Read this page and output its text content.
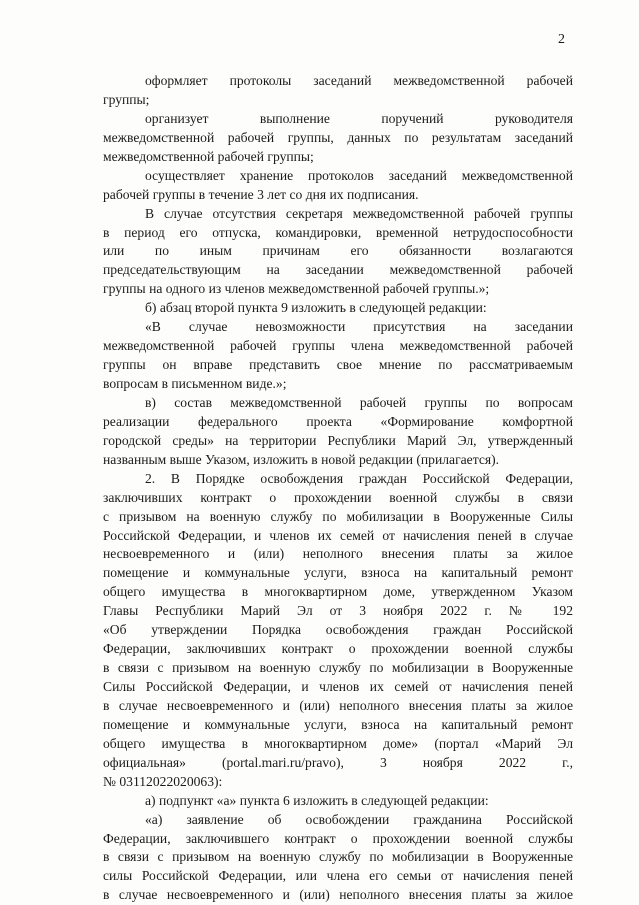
2
оформляет протоколы заседаний межведомственной рабочей
группы;
организует выполнение поручений руководителя
межведомственной рабочей группы, данных по результатам заседаний
межведомственной рабочей группы;
осуществляет хранение протоколов заседаний межведомственной
рабочей группы в течение 3 лет со дня их подписания.
В случае отсутствия секретаря межведомственной рабочей группы
в период его отпуска, командировки, временной нетрудоспособности
или по иным причинам его обязанности возлагаются
председательствующим на заседании межведомственной рабочей
группы на одного из членов межведомственной рабочей группы.»;
б) абзац второй пункта 9 изложить в следующей редакции:
«В случае невозможности присутствия на заседании
межведомственной рабочей группы члена межведомственной рабочей
группы он вправе представить свое мнение по рассматриваемым
вопросам в письменном виде.»;
в) состав межведомственной рабочей группы по вопросам
реализации федерального проекта «Формирование комфортной
городской среды» на территории Республики Марий Эл, утвержденный
названным выше Указом, изложить в новой редакции (прилагается).
2. В Порядке освобождения граждан Российской Федерации,
заключивших контракт о прохождении военной службы в связи
с призывом на военную службу по мобилизации в Вооруженные Силы
Российской Федерации, и членов их семей от начисления пеней в случае
несвоевременного и (или) неполного внесения платы за жилое
помещение и коммунальные услуги, взноса на капитальный ремонт
общего имущества в многоквартирном доме, утвержденном Указом
Главы Республики Марий Эл от 3 ноября 2022 г. № 192
«Об утверждении Порядка освобождения граждан Российской
Федерации, заключивших контракт о прохождении военной службы
в связи с призывом на военную службу по мобилизации в Вооруженные
Силы Российской Федерации, и членов их семей от начисления пеней
в случае несвоевременного и (или) неполного внесения платы за жилое
помещение и коммунальные услуги, взноса на капитальный ремонт
общего имущества в многоквартирном доме» (портал «Марий Эл
официальная» (portal.mari.ru/pravo), 3 ноября 2022 г.,
№ 03112022020063):
а) подпункт «а» пункта 6 изложить в следующей редакции:
«а) заявление об освобождении гражданина Российской
Федерации, заключившего контракт о прохождении военной службы
в связи с призывом на военную службу по мобилизации в Вооруженные
силы Российской Федерации, или члена его семьи от начисления пеней
в случае несвоевременного и (или) неполного внесения платы за жилое
